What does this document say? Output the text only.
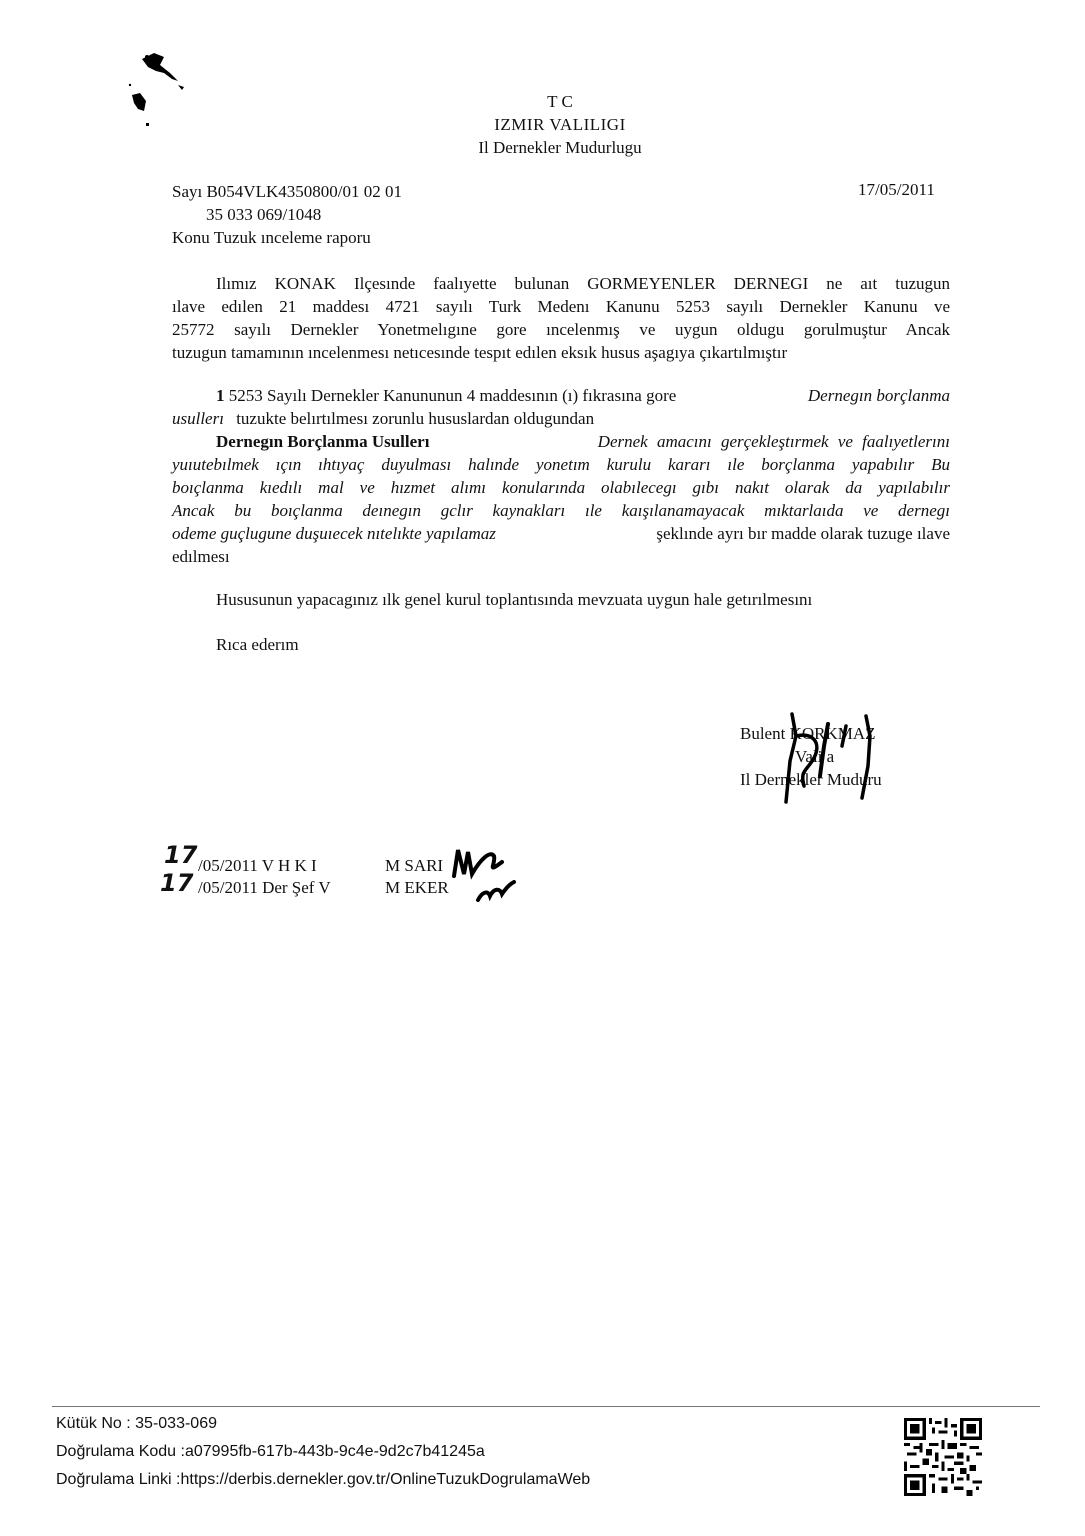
T C
IZMIR VALILIGI
Il Dernekler Mudurlugu
Sayı B054VLK4350800/01 02 01
35 033 069/1048
Konu Tuzuk ınceleme raporu
17/05/2011
Ilımız KONAK Ilçesınde faalıyette bulunan GORMEYENLER DERNEGI ne aıt tuzugun
ılave edılen 21 maddesı 4721 sayılı Turk Medenı Kanunu 5253 sayılı Dernekler Kanunu ve
25772 sayılı Dernekler Yonetmelıgıne gore ıncelenmış ve uygun oldugu gorulmuştur Ancak
tuzugun tamamının ıncelenmesı netıcesınde tespıt edılen eksık husus aşagıya çıkartılmıştır
1 5253 Sayılı Dernekler Kanununun 4 maddesının (ı) fıkrasına gore	Dernegın borçlanma
usullerı tuzukte belırtılmesı zorunlu hususlardan oldugundan
Dernegın Borçlanma Usullerı	Dernek amacını gerçekleştırmek ve faalıyetlerını
yuıutebılmek ıçın ıhtıyaç duyulması halınde yonetım kurulu kararı ıle borçlanma yapabılır Bu
boıçlanma kıedılı mal ve hızmet alımı konularında olabılecegı gıbı nakıt olarak da yapılabılır
Ancak bu boıçlanma deınegın gclır kaynakları ıle kaışılanamayacak mıktarlaıda ve dernegı
odeme guçlugune duşuıecek nıtelıkte yapılamaz	şeklınde ayrı bır madde olarak tuzuge ılave
edılmesı
Hususunun yapacagınız ılk genel kurul toplantısında mevzuata uygun hale getırılmesını
Rıca ederım
Bulent KORKMAZ
Vali a
Il Dernekler Muduru
17 /05/2011 V H K I	M SARI
17 /05/2011 Der Şef V	M EKER
Kütük No : 35-033-069
Doğrulama Kodu :a07995fb-617b-443b-9c4e-9d2c7b41245a
Doğrulama Linki :https://derbis.dernekler.gov.tr/OnlineTuzukDogrulamaWeb
